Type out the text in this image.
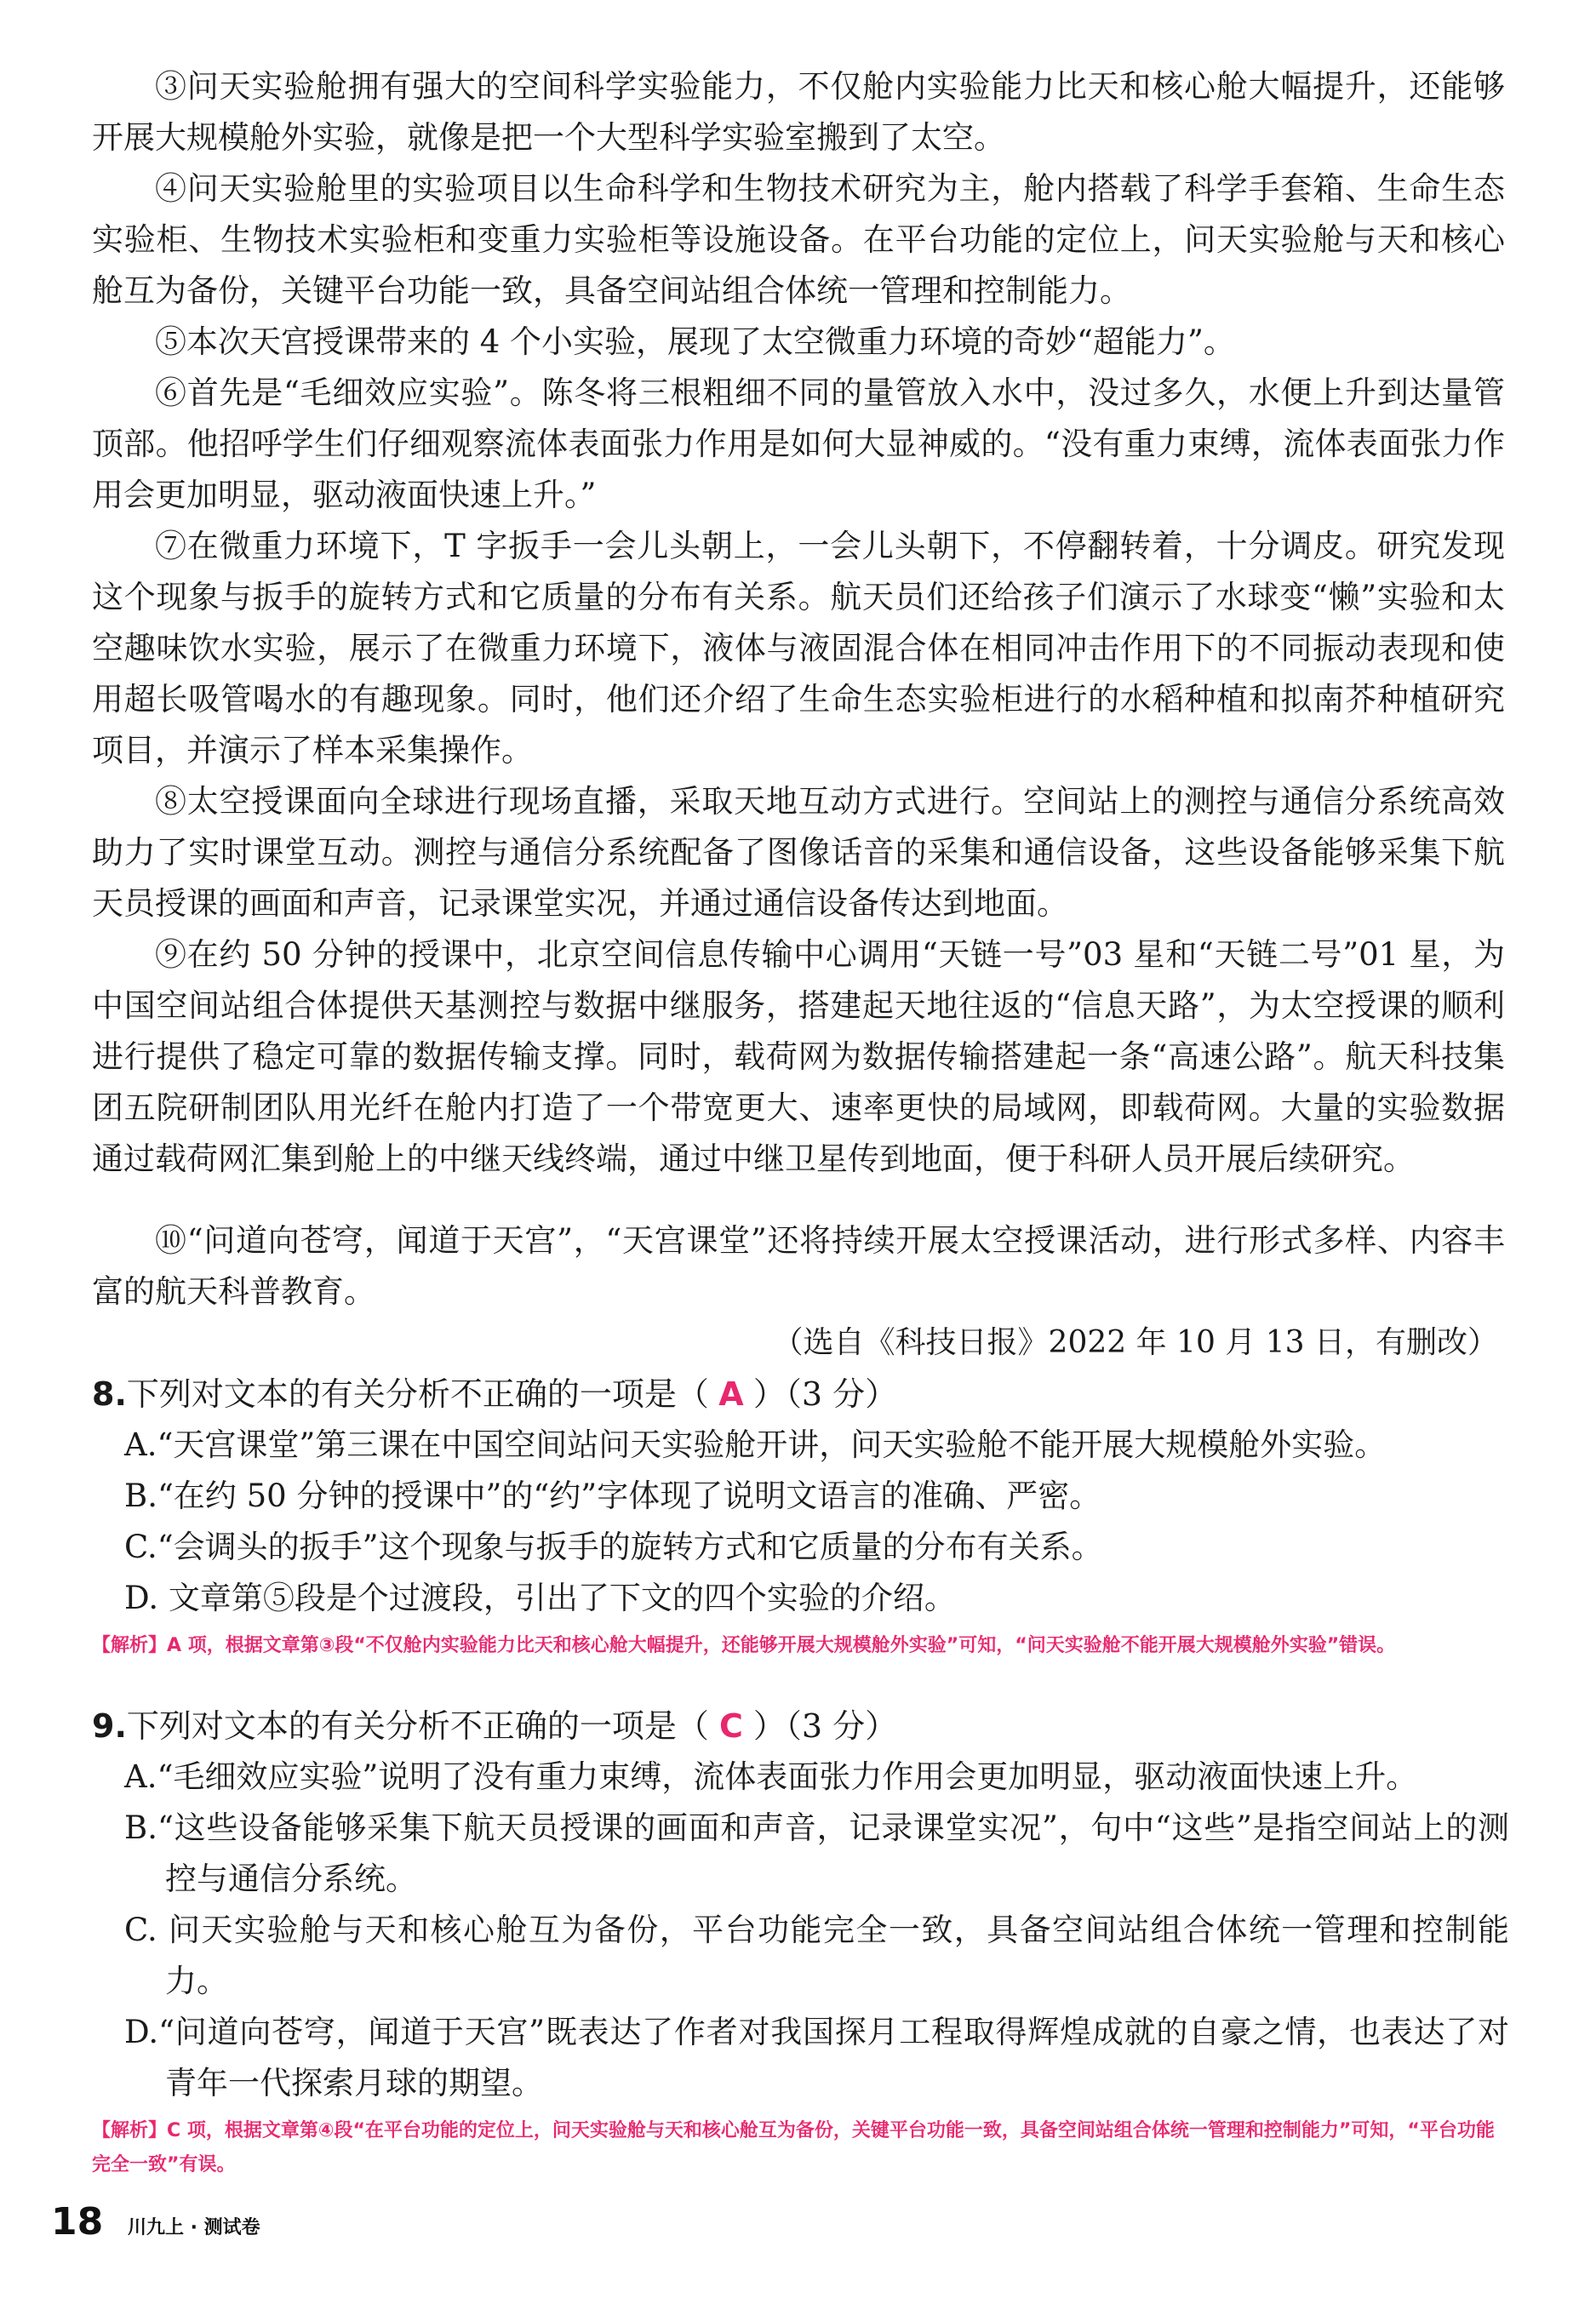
③问天实验舱拥有强大的空间科学实验能力，不仅舱内实验能力比天和核心舱大幅提升，还能够开展大规模舱外实验，就像是把一个大型科学实验室搬到了太空。

④问天实验舱里的实验项目以生命科学和生物技术研究为主，舱内搭载了科学手套箱、生命生态实验柜、生物技术实验柜和变重力实验柜等设施设备。在平台功能的定位上，问天实验舱与天和核心舱互为备份，关键平台功能一致，具备空间站组合体统一管理和控制能力。

⑤本次天宫授课带来的 4 个小实验，展现了太空微重力环境的奇妙“超能力”。

⑥首先是“毛细效应实验”。陈冬将三根粗细不同的量管放入水中，没过多久，水便上升到达量管顶部。他招呼学生们仔细观察流体表面张力作用是如何大显神威的。“没有重力束缚，流体表面张力作用会更加明显，驱动液面快速上升。”

⑦在微重力环境下，T 字扳手一会儿头朝上，一会儿头朝下，不停翻转着，十分调皮。研究发现这个现象与扳手的旋转方式和它质量的分布有关系。航天员们还给孩子们演示了水球变“懒”实验和太空趣味饮水实验，展示了在微重力环境下，液体与液固混合体在相同冲击作用下的不同振动表现和使用超长吸管喝水的有趣现象。同时，他们还介绍了生命生态实验柜进行的水稻种植和拟南芥种植研究项目，并演示了样本采集操作。

⑧太空授课面向全球进行现场直播，采取天地互动方式进行。空间站上的测控与通信分系统高效助力了实时课堂互动。测控与通信分系统配备了图像话音的采集和通信设备，这些设备能够采集下航天员授课的画面和声音，记录课堂实况，并通过通信设备传达到地面。

⑨在约 50 分钟的授课中，北京空间信息传输中心调用“天链一号”03 星和“天链二号”01 星，为中国空间站组合体提供天基测控与数据中继服务，搭建起天地往返的“信息天路”，为太空授课的顺利进行提供了稳定可靠的数据传输支撑。同时，载荷网为数据传输搭建起一条“高速公路”。航天科技集团五院研制团队用光纤在舱内打造了一个带宽更大、速率更快的局域网，即载荷网。大量的实验数据通过载荷网汇集到舱上的中继天线终端，通过中继卫星传到地面，便于科研人员开展后续研究。

⑩“问道向苍穹，闻道于天宫”，“天宫课堂”还将持续开展太空授课活动，进行形式多样、内容丰富的航天科普教育。

（选自《科技日报》2022 年 10 月 13 日，有删改）

8.下列对文本的有关分析不正确的一项是（ A ）（3 分）

A.“天宫课堂”第三课在中国空间站问天实验舱开讲，问天实验舱不能开展大规模舱外实验。

B.“在约 50 分钟的授课中”的“约”字体现了说明文语言的准确、严密。

C.“会调头的扳手”这个现象与扳手的旋转方式和它质量的分布有关系。

D. 文章第⑤段是个过渡段，引出了下文的四个实验的介绍。

【解析】A 项，根据文章第③段“不仅舱内实验能力比天和核心舱大幅提升，还能够开展大规模舱外实验”可知，“问天实验舱不能开展大规模舱外实验”错误。

9.下列对文本的有关分析不正确的一项是（ C ）（3 分）

A.“毛细效应实验”说明了没有重力束缚，流体表面张力作用会更加明显，驱动液面快速上升。

B.“这些设备能够采集下航天员授课的画面和声音，记录课堂实况”，句中“这些”是指空间站上的测控与通信分系统。

C. 问天实验舱与天和核心舱互为备份，平台功能完全一致，具备空间站组合体统一管理和控制能力。

D.“问道向苍穹，闻道于天宫”既表达了作者对我国探月工程取得辉煌成就的自豪之情，也表达了对青年一代探索月球的期望。

【解析】C 项，根据文章第④段“在平台功能的定位上，问天实验舱与天和核心舱互为备份，关键平台功能一致，具备空间站组合体统一管理和控制能力”可知，“平台功能完全一致”有误。

18 川九上 · 测试卷
